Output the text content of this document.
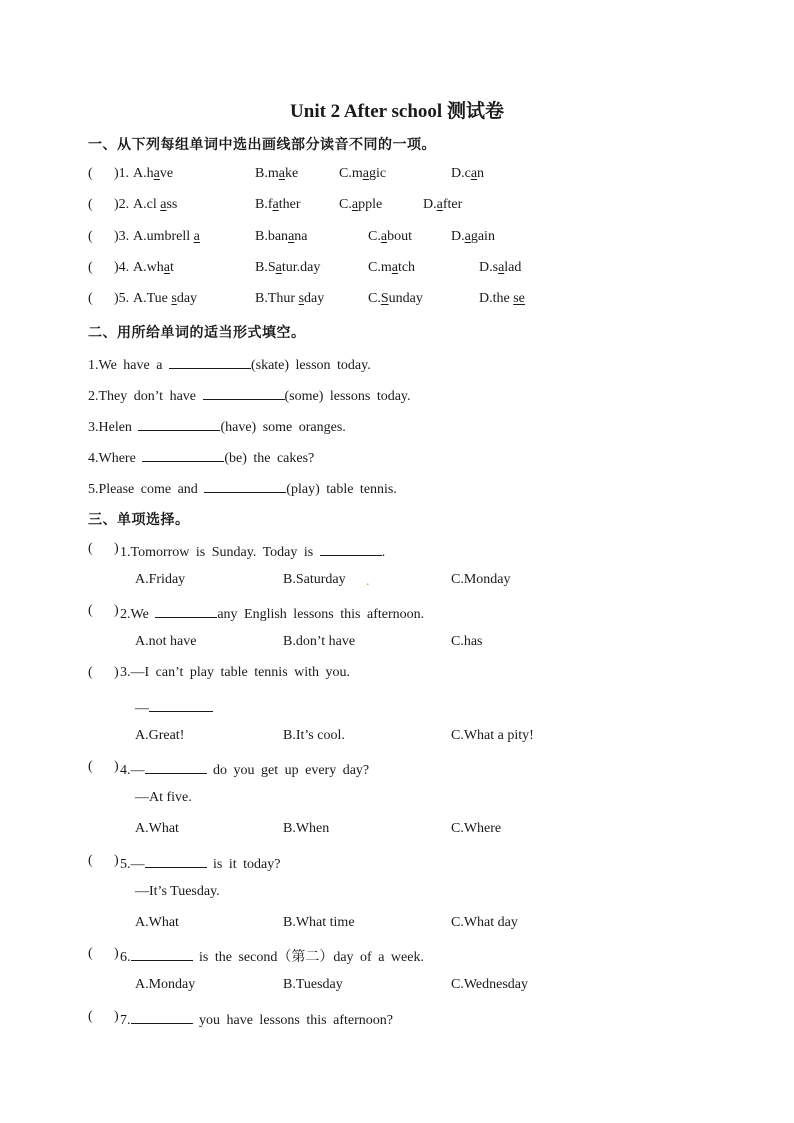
Unit 2 After school 测试卷
一、从下列每组单词中选出画线部分读音不同的一项。
( )1. A.have	B.make	C.magic	D.can
( )2. A.cl ass	B.father	C.apple	D.after
( )3. A.umbrell a	B.banana	C.about	D.again
( )4. A.what	B.Satur.day	C.match	D.salad
( )5. A.Tue sday	B.Thur sday	C.Sunday	D.the se
二、用所给单词的适当形式填空。
1.We have a	(skate) lesson today.
2.They don’t have	(some) lessons today.
3.Helen	(have) some oranges.
4.Where	(be) the cakes?
5.Please come and	(play) table tennis.
三、单项选择。
( ) 1.Tomorrow is Sunday. Today is	.
A.Friday	B.Saturday .	C.Monday
( ) 2.We	any English lessons this afternoon.
A.not have	B.don’t have	C.has
( ) 3.—I can’t play table tennis with you.
—
A.Great!	B.It’s cool.	C.What a pity!
( ) 4.—	do you get up every day?
—At five.
A.What	B.When	C.Where
( ) 5.—	is it today?
—It’s Tuesday.
A.What	B.What time	C.What day
( ) 6.	is the second（第二）day of a week.
A.Monday	B.Tuesday	C.Wednesday
( ) 7.	you have lessons this afternoon?
